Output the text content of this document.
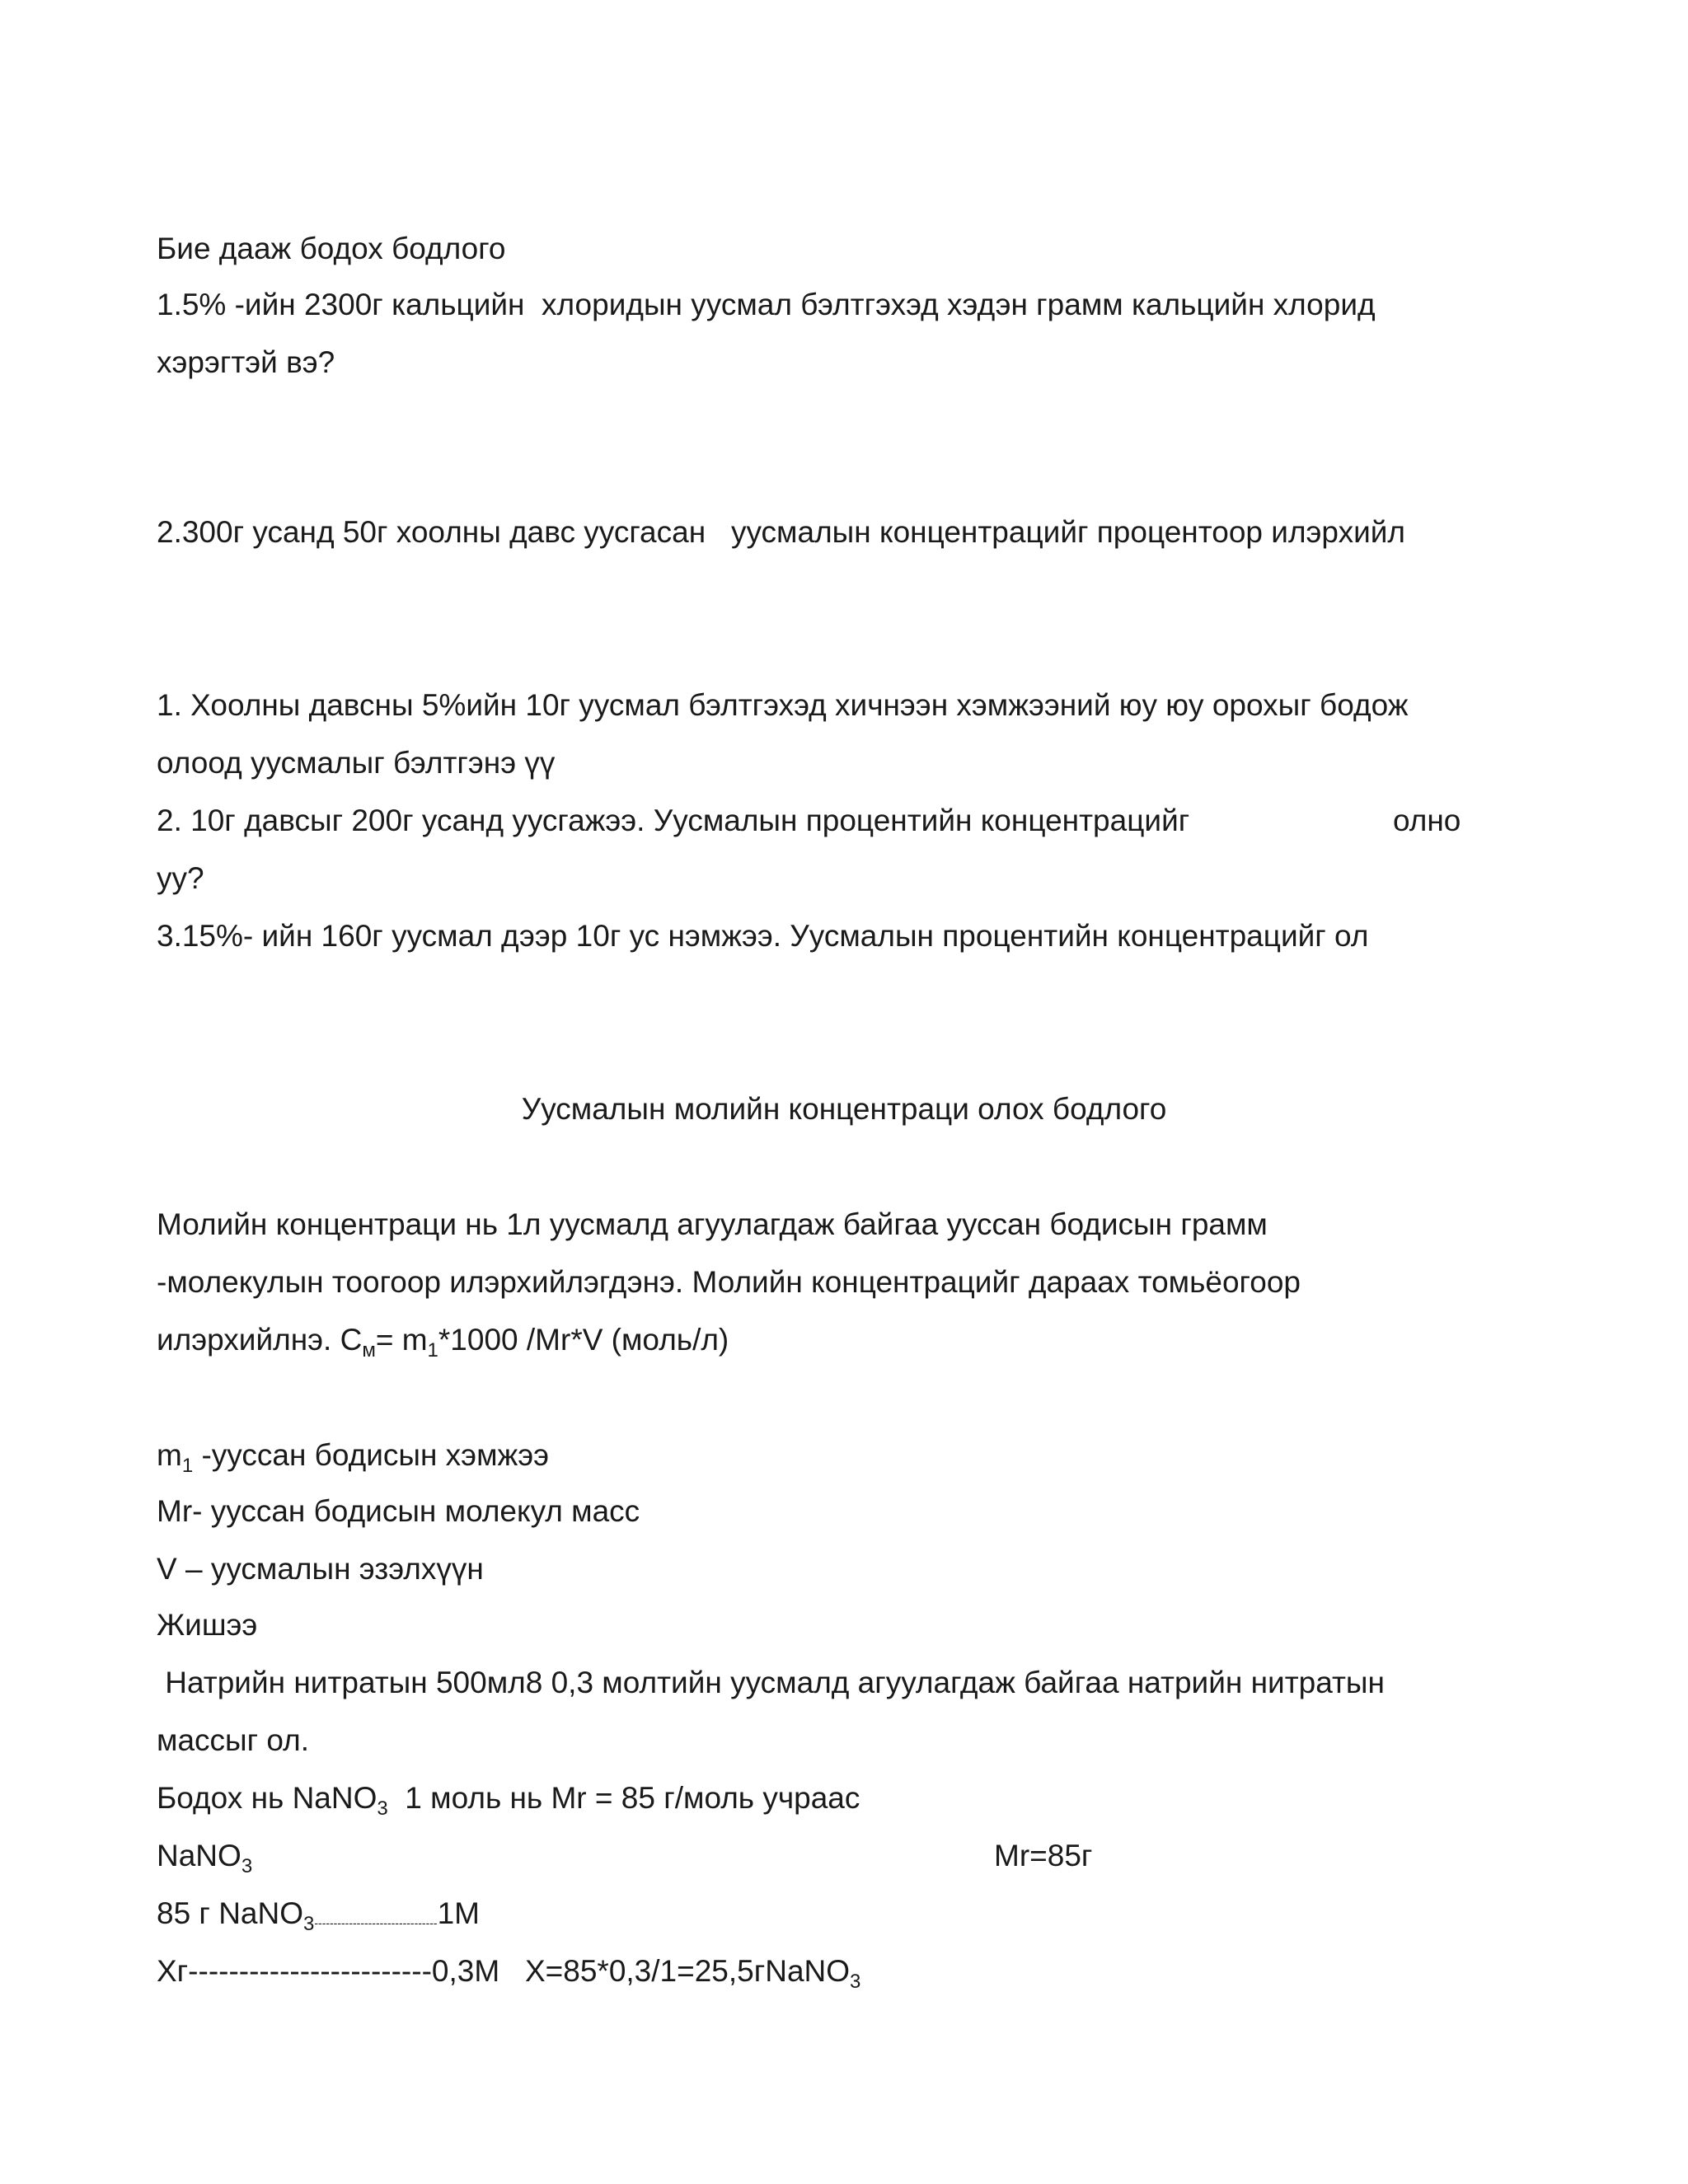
Бие дааж бодох бодлого
1.5% -ийн 2300г кальцийн  хлоридын уусмал бэлтгэхэд хэдэн грамм кальцийн хлорид
хэрэгтэй вэ?
2.300г усанд 50г хоолны давс уусгасан   уусмалын концентрацийг процентоор илэрхийл
1. Хоолны давсны 5%ийн 10г уусмал бэлтгэхэд хичнээн хэмжээний юу юу орохыг бодож
олоод уусмалыг бэлтгэнэ үү
2. 10г давсыг 200г усанд уусгажээ. Уусмалын процентийн концентрацийг	олно
уу?
3.15%- ийн 160г уусмал дээр 10г ус нэмжээ. Уусмалын процентийн концентрацийг ол
Уусмалын молийн концентраци олох бодлого
Молийн концентраци нь 1л уусмалд агуулагдаж байгаа ууссан бодисын грамм
-молекулын тоогоор илэрхийлэгдэнэ. Молийн концентрацийг дараах томьёогоор
илэрхийлнэ. $C_м= m_1*1000$ /Mr*V (моль/л)
$m_1$ -ууссан бодисын хэмжээ
Mr- ууссан бодисын молекул масс
V – уусмалын эзэлхүүн
Жишээ
Натрийн нитратын 500мл8 0,3 молтийн уусмалд агуулагдаж байгаа натрийн нитратын
массыг ол.
Бодох нь NaNO$_3$  1 моль нь Mr = 85 г/моль учраас
NaNO$_3$	Mr=85г
85 г NaNO$_3$--------------------------------1М
Хг------------------------0,3М   X=85*0,3/1=25,5гNaNO$_3$
